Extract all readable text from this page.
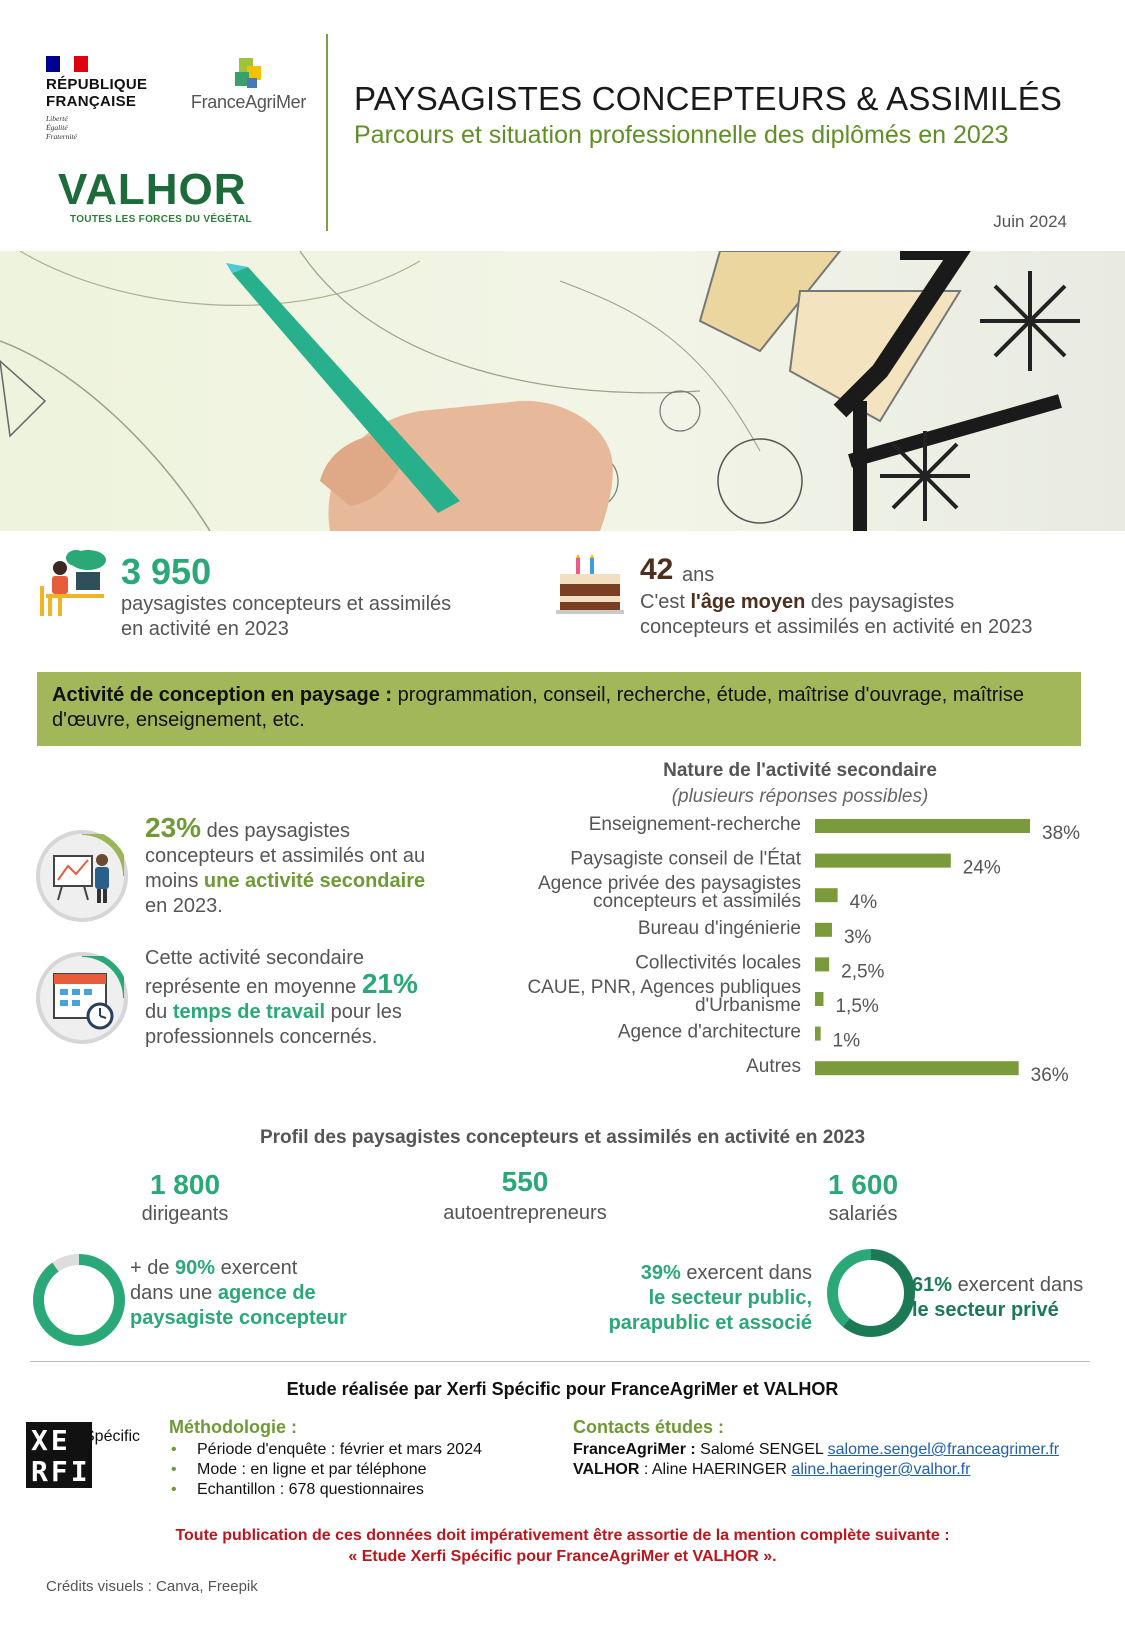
RÉPUBLIQUE
FRANÇAISE
Liberté
Égalité
Fraternité
FranceAgriMer
VALHOR
TOUTES LES FORCES DU VÉGÉTAL
PAYSAGISTES CONCEPTEURS & ASSIMILÉS
Parcours et situation professionnelle des diplômés en 2023
Juin 2024
3 950
paysagistes concepteurs et assimilés
en activité en 2023
42 ans
C'est l'âge moyen des paysagistes
concepteurs et assimilés en activité en 2023
Activité de conception en paysage : programmation, conseil, recherche, étude, maîtrise d'ouvrage, maîtrise d'œuvre, enseignement, etc.
23% des paysagistes concepteurs et assimilés ont au moins une activité secondaire en 2023.
Cette activité secondaire représente en moyenne 21% du temps de travail pour les professionnels concernés.
Nature de l'activité secondaire
(plusieurs réponses possibles)
Enseignement-recherche	38%
Paysagiste conseil de l'État	24%
Agence privée des paysagistes
concepteurs et assimilés	4%
Bureau d'ingénierie 3%
Collectivités locales 2,5%
CAUE, PNR, Agences publiques
d'Urbanisme 1,5%
Agence d'architecture 1%
Autres	36%
Profil des paysagistes concepteurs et assimilés en activité en 2023
1 800
dirigeants
550
autoentrepreneurs
1 600
salariés
+ de 90% exercent
dans une agence de
paysagiste concepteur
39% exercent dans
le secteur public,
parapublic et associé
61% exercent dans
le secteur privé
Etude réalisée par Xerfi Spécific pour FranceAgriMer et VALHOR
XE
RFI
Spécific Méthodologie :
• Période d'enquête : février et mars 2024
• Mode : en ligne et par téléphone
• Echantillon : 678 questionnaires
Contacts études :
FranceAgriMer : Salomé SENGEL salome.sengel@franceagrimer.fr
VALHOR : Aline HAERINGER aline.haeringer@valhor.fr
Toute publication de ces données doit impérativement être assortie de la mention complète suivante :
« Etude Xerfi Spécific pour FranceAgriMer et VALHOR ».
Crédits visuels : Canva, Freepik
